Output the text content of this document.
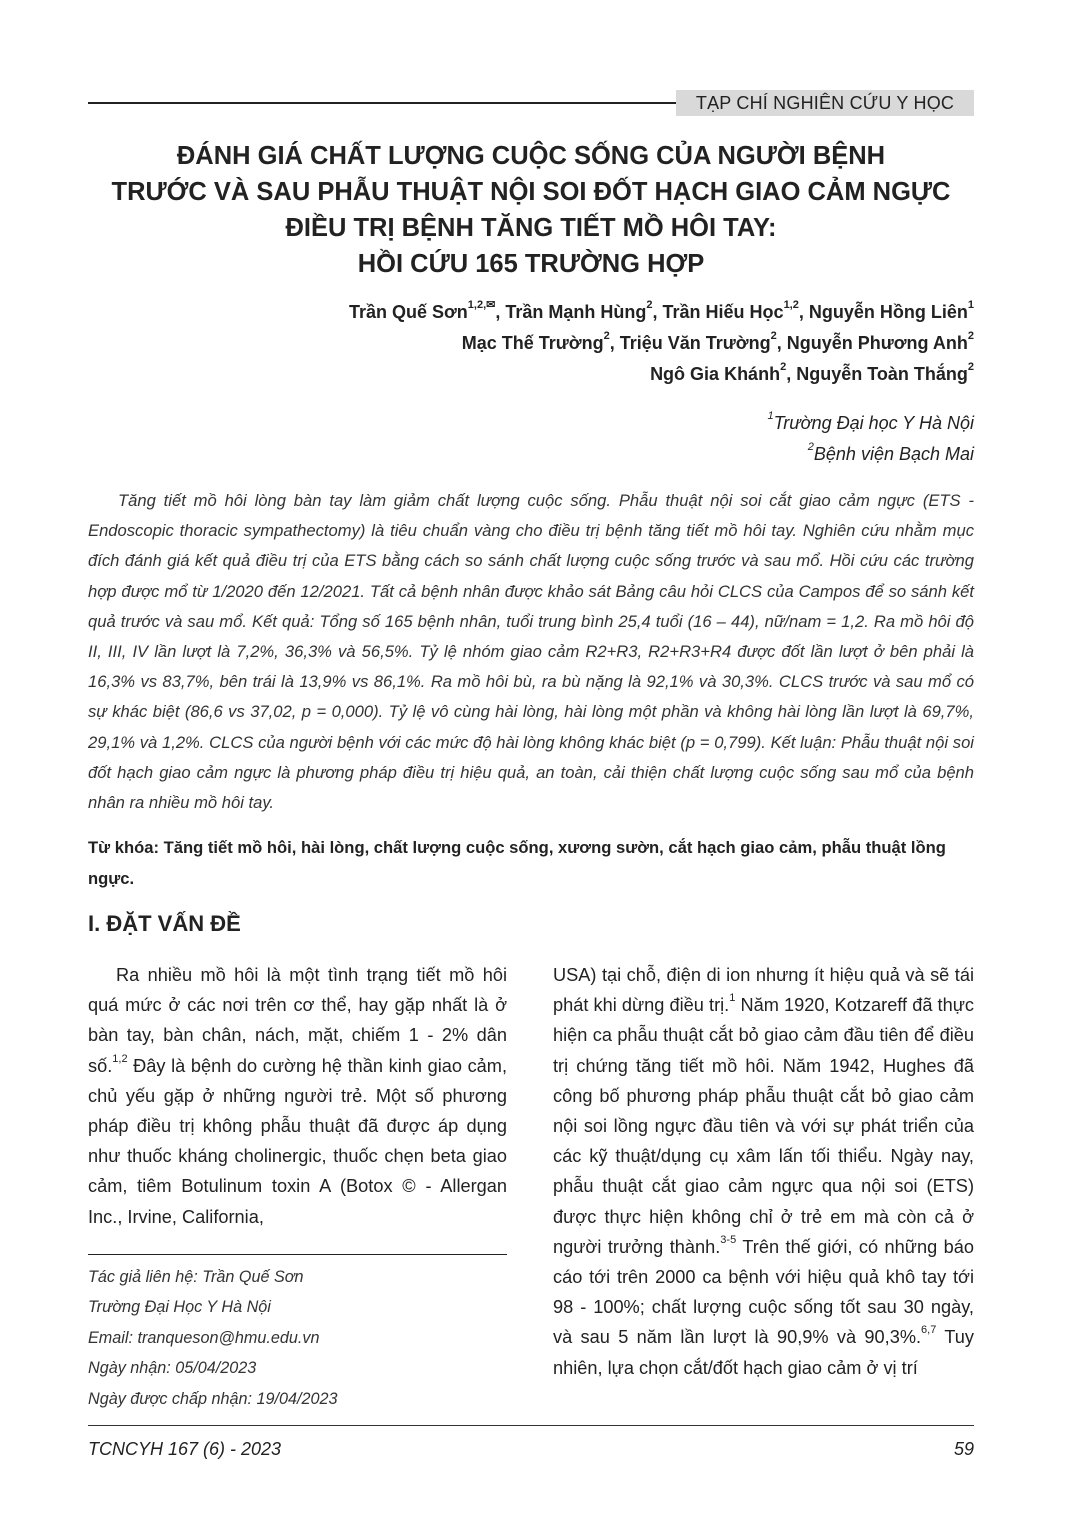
TẠP CHÍ NGHIÊN CỨU Y HỌC
ĐÁNH GIÁ CHẤT LƯỢNG CUỘC SỐNG CỦA NGƯỜI BỆNH
TRƯỚC VÀ SAU PHẪU THUẬT NỘI SOI ĐỐT HẠCH GIAO CẢM NGỰC
ĐIỀU TRỊ BỆNH TĂNG TIẾT MỒ HÔI TAY:
HỒI CỨU 165 TRƯỜNG HỢP
Trần Quế Sơn$^{1,2,✉}$, Trần Mạnh Hùng$^2$, Trần Hiếu Học$^{1,2}$, Nguyễn Hồng Liên$^1$
Mạc Thế Trường$^2$, Triệu Văn Trường$^2$, Nguyễn Phương Anh$^2$
Ngô Gia Khánh$^2$, Nguyễn Toàn Thắng$^2$
$^1$Trường Đại học Y Hà Nội
$^2$Bệnh viện Bạch Mai
Tăng tiết mồ hôi lòng bàn tay làm giảm chất lượng cuộc sống. Phẫu thuật nội soi cắt giao cảm ngực (ETS - Endoscopic thoracic sympathectomy) là tiêu chuẩn vàng cho điều trị bệnh tăng tiết mồ hôi tay. Nghiên cứu nhằm mục đích đánh giá kết quả điều trị của ETS bằng cách so sánh chất lượng cuộc sống trước và sau mổ. Hồi cứu các trường hợp được mổ từ 1/2020 đến 12/2021. Tất cả bệnh nhân được khảo sát Bảng câu hỏi CLCS của Campos để so sánh kết quả trước và sau mổ. Kết quả: Tổng số 165 bệnh nhân, tuổi trung bình 25,4 tuổi (16 – 44), nữ/nam = 1,2. Ra mồ hôi độ II, III, IV lần lượt là 7,2%, 36,3% và 56,5%. Tỷ lệ nhóm giao cảm R2+R3, R2+R3+R4 được đốt lần lượt ở bên phải là 16,3% vs 83,7%, bên trái là 13,9% vs 86,1%. Ra mồ hôi bù, ra bù nặng là 92,1% và 30,3%. CLCS trước và sau mổ có sự khác biệt (86,6 vs 37,02, p = 0,000). Tỷ lệ vô cùng hài lòng, hài lòng một phần và không hài lòng lần lượt là 69,7%, 29,1% và 1,2%. CLCS của người bệnh với các mức độ hài lòng không khác biệt (p = 0,799). Kết luận: Phẫu thuật nội soi đốt hạch giao cảm ngực là phương pháp điều trị hiệu quả, an toàn, cải thiện chất lượng cuộc sống sau mổ của bệnh nhân ra nhiều mồ hôi tay.
Từ khóa: Tăng tiết mồ hôi, hài lòng, chất lượng cuộc sống, xương sườn, cắt hạch giao cảm, phẫu thuật lồng ngực.
I. ĐẶT VẤN ĐỀ
Ra nhiều mồ hôi là một tình trạng tiết mồ hôi quá mức ở các nơi trên cơ thể, hay gặp nhất là ở bàn tay, bàn chân, nách, mặt, chiếm 1 - 2% dân số.$^{1,2}$ Đây là bệnh do cường hệ thần kinh giao cảm, chủ yếu gặp ở những người trẻ. Một số phương pháp điều trị không phẫu thuật đã được áp dụng như thuốc kháng cholinergic, thuốc chẹn beta giao cảm, tiêm Botulinum toxin A (Botox © - Allergan Inc., Irvine, California,
USA) tại chỗ, điện di ion nhưng ít hiệu quả và sẽ tái phát khi dừng điều trị.$^1$ Năm 1920, Kotzareff đã thực hiện ca phẫu thuật cắt bỏ giao cảm đầu tiên để điều trị chứng tăng tiết mồ hôi. Năm 1942, Hughes đã công bố phương pháp phẫu thuật cắt bỏ giao cảm nội soi lồng ngực đầu tiên và với sự phát triển của các kỹ thuật/dụng cụ xâm lấn tối thiểu. Ngày nay, phẫu thuật cắt giao cảm ngực qua nội soi (ETS) được thực hiện không chỉ ở trẻ em mà còn cả ở người trưởng thành.$^{3-5}$ Trên thế giới, có những báo cáo tới trên 2000 ca bệnh với hiệu quả khô tay tới 98 - 100%; chất lượng cuộc sống tốt sau 30 ngày, và sau 5 năm lần lượt là 90,9% và 90,3%.$^{6,7}$ Tuy nhiên, lựa chọn cắt/đốt hạch giao cảm ở vị trí
Tác giả liên hệ: Trần Quế Sơn
Trường Đại Học Y Hà Nội
Email: tranqueson@hmu.edu.vn
Ngày nhận: 05/04/2023
Ngày được chấp nhận: 19/04/2023
TCNCYH 167 (6) - 2023	59
